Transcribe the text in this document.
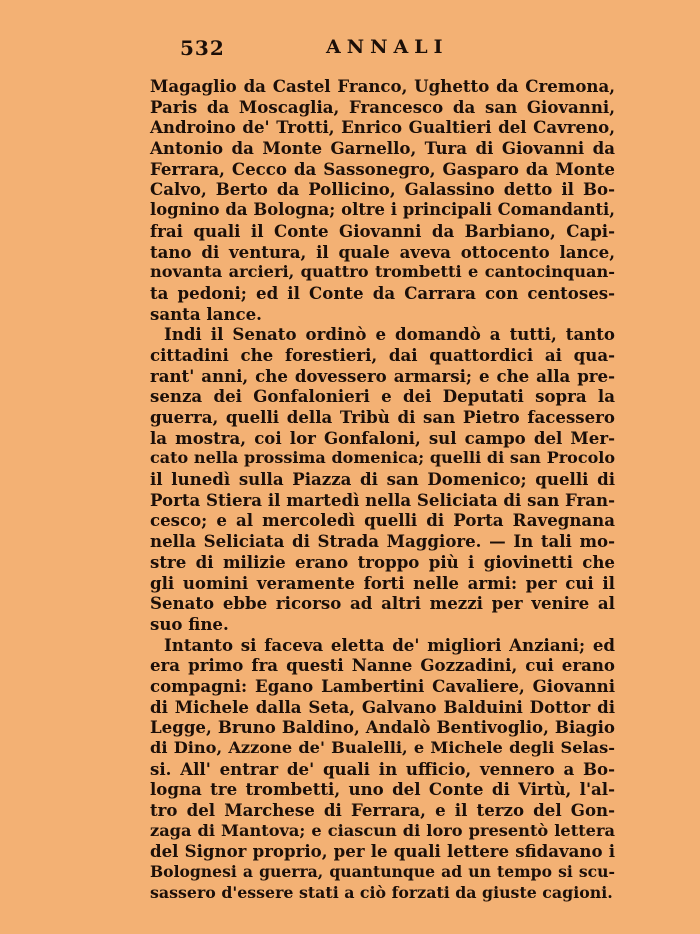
532	ANNALI
Magaglio da Castel Franco, Ughetto da Cremona,
Paris da Moscaglia, Francesco da san Giovanni,
Androino de' Trotti, Enrico Gualtieri del Cavreno,
Antonio da Monte Garnello, Tura di Giovanni da
Ferrara, Cecco da Sassonegro, Gasparo da Monte
Calvo, Berto da Pollicino, Galassino detto il Bo-
lognino da Bologna; oltre i principali Comandanti,
frai quali il Conte Giovanni da Barbiano, Capi-
tano di ventura, il quale aveva ottocento lance,
novanta arcieri, quattro trombetti e cantocinquan-
ta pedoni; ed il Conte da Carrara con centoses-
santa lance.
Indi il Senato ordinò e domandò a tutti, tanto
cittadini che forestieri, dai quattordici ai qua-
rant' anni, che dovessero armarsi; e che alla pre-
senza dei Gonfalonieri e dei Deputati sopra la
guerra, quelli della Tribù di san Pietro facessero
la mostra, coi lor Gonfaloni, sul campo del Mer-
cato nella prossima domenica; quelli di san Procolo
il lunedì sulla Piazza di san Domenico; quelli di
Porta Stiera il martedì nella Seliciata di san Fran-
cesco; e al mercoledì quelli di Porta Ravegnana
nella Seliciata di Strada Maggiore. — In tali mo-
stre di milizie erano troppo più i giovinetti che
gli uomini veramente forti nelle armi: per cui il
Senato ebbe ricorso ad altri mezzi per venire al
suo fine.
Intanto si faceva eletta de' migliori Anziani; ed
era primo fra questi Nanne Gozzadini, cui erano
compagni: Egano Lambertini Cavaliere, Giovanni
di Michele dalla Seta, Galvano Balduini Dottor di
Legge, Bruno Baldino, Andalò Bentivoglio, Biagio
di Dino, Azzone de' Bualelli, e Michele degli Selas-
si. All' entrar de' quali in ufficio, vennero a Bo-
logna tre trombetti, uno del Conte di Virtù, l'al-
tro del Marchese di Ferrara, e il terzo del Gon-
zaga di Mantova; e ciascun di loro presentò lettera
del Signor proprio, per le quali lettere sfidavano i
Bolognesi a guerra, quantunque ad un tempo si scu-
sassero d'essere stati a ciò forzati da giuste cagioni.
